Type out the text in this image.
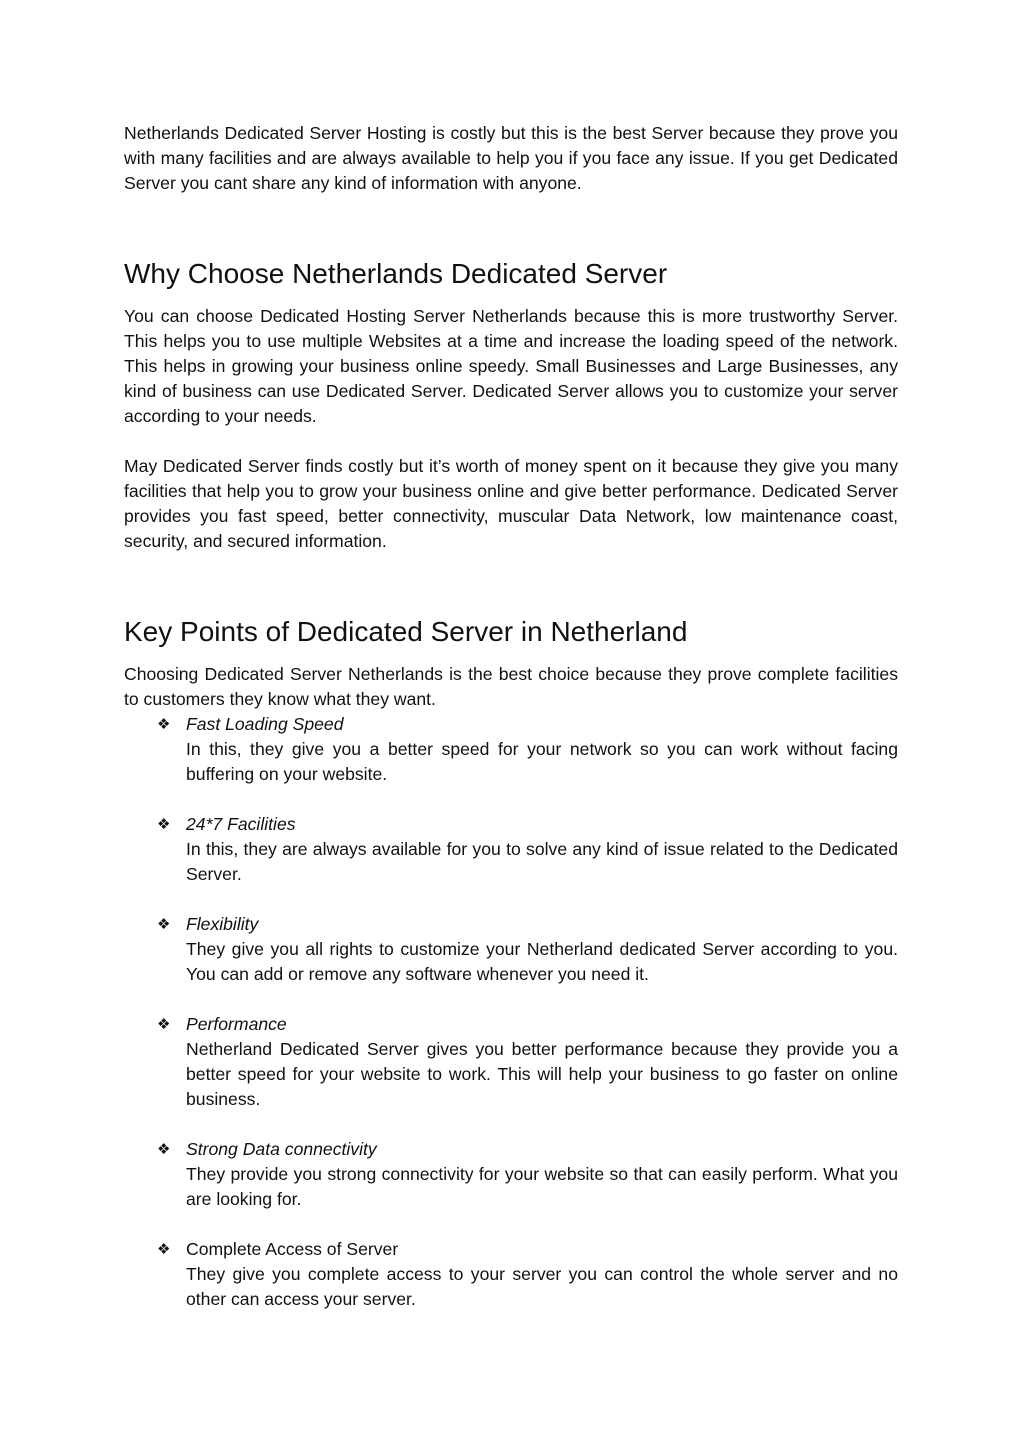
Netherlands Dedicated Server Hosting is costly but this is the best Server because they prove you with many facilities and are always available to help you if you face any issue. If you get Dedicated Server you cant share any kind of information with anyone.

Why Choose Netherlands Dedicated Server

You can choose Dedicated Hosting Server Netherlands because this is more trustworthy Server. This helps you to use multiple Websites at a time and increase the loading speed of the network. This helps in growing your business online speedy. Small Businesses and Large Businesses, any kind of business can use Dedicated Server. Dedicated Server allows you to customize your server according to your needs.

May Dedicated Server finds costly but it’s worth of money spent on it because they give you many facilities that help you to grow your business online and give better performance. Dedicated Server provides you fast speed, better connectivity, muscular Data Network, low maintenance coast, security, and secured information.

Key Points of Dedicated Server in Netherland

Choosing Dedicated Server Netherlands is the best choice because they prove complete facilities to customers they know what they want.

❖ Fast Loading Speed

In this, they give you a better speed for your network so you can work without facing buffering on your website.

❖ 24*7 Facilities

In this, they are always available for you to solve any kind of issue related to the Dedicated Server.

❖ Flexibility

They give you all rights to customize your Netherland dedicated Server according to you. You can add or remove any software whenever you need it.

❖ Performance

Netherland Dedicated Server gives you better performance because they provide you a better speed for your website to work. This will help your business to go faster on online business.

❖ Strong Data connectivity

They provide you strong connectivity for your website so that can easily perform. What you are looking for.

❖ Complete Access of Server

They give you complete access to your server you can control the whole server and no other can access your server.
